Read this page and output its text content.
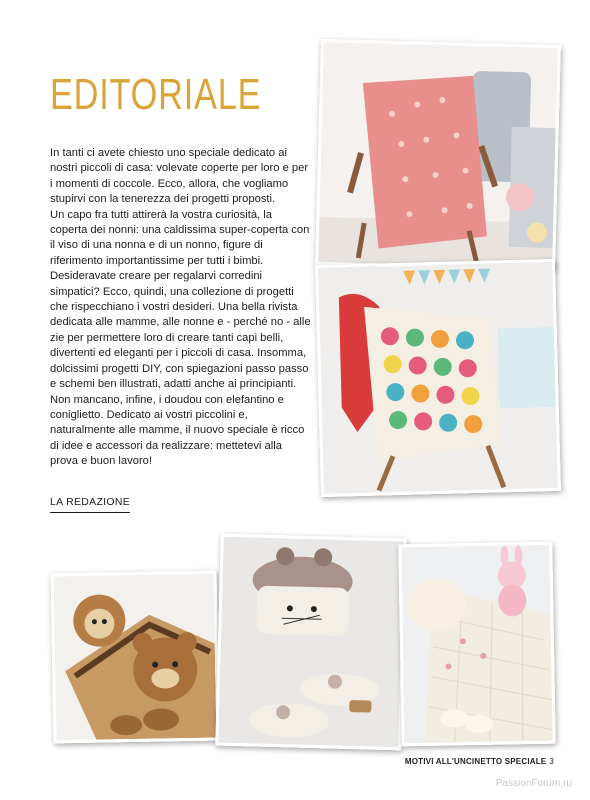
EDITORIALE

In tanti ci avete chiesto uno speciale dedicato ai nostri piccoli di casa: volevate coperte per loro e per i momenti di coccole. Ecco, allora, che vogliamo stupirvi con la tenerezza dei progetti proposti.

Un capo fra tutti attirerà la vostra curiosità, la coperta dei nonni: una caldissima super-coperta con il viso di una nonna e di un nonno, figure di riferimento importantissime per tutti i bimbi. Desideravate creare per regalarvi corredini simpatici? Ecco, quindi, una collezione di progetti che rispecchiano i vostri desideri. Una bella rivista dedicata alle mamme, alle nonne e - perché no - alle zie per permettere loro di creare tanti capi belli, divertenti ed eleganti per i piccoli di casa. Insomma, dolcissimi progetti DIY, con spiegazioni passo passo e schemi ben illustrati, adatti anche ai principianti. Non mancano, infine, i doudou con elefantino e coniglietto. Dedicato ai vostri piccolini e, naturalmente alle mamme, il nuovo speciale è ricco di idee e accessori da realizzare: mettetevi alla prova e buon lavoro!

LA REDAZIONE
MOTIVI ALL'UNCINETTO SPECIALE 3
PassionForum.ru
